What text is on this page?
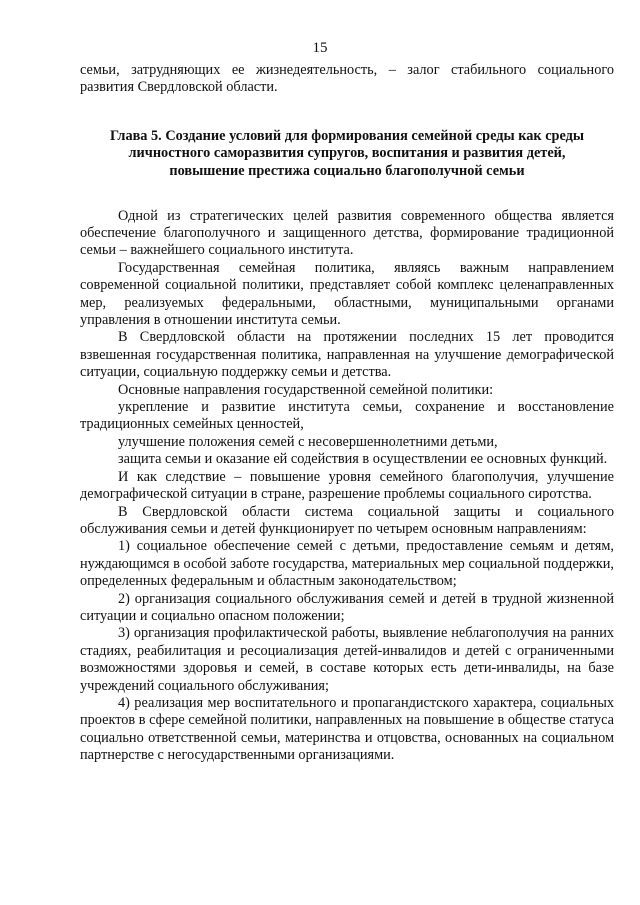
15

семьи, затрудняющих ее жизнедеятельность, – залог стабильного социального развития Свердловской области.

Глава 5. Создание условий для формирования семейной среды как среды
личностного саморазвития супругов, воспитания и развития детей,
повышение престижа социально благополучной семьи

Одной из стратегических целей развития современного общества является обеспечение благополучного и защищенного детства, формирование традиционной семьи – важнейшего социального института.

Государственная семейная политика, являясь важным направлением современной социальной политики, представляет собой комплекс целенаправленных мер, реализуемых федеральными, областными, муниципальными органами управления в отношении института семьи.

В Свердловской области на протяжении последних 15 лет проводится взвешенная государственная политика, направленная на улучшение демографической ситуации, социальную поддержку семьи и детства.

Основные направления государственной семейной политики:

укрепление и развитие института семьи, сохранение и восстановление традиционных семейных ценностей,

улучшение положения семей с несовершеннолетними детьми,

защита семьи и оказание ей содействия в осуществлении ее основных функций.

И как следствие – повышение уровня семейного благополучия, улучшение демографической ситуации в стране, разрешение проблемы социального сиротства.

В Свердловской области система социальной защиты и социального обслуживания семьи и детей функционирует по четырем основным направлениям:

1) социальное обеспечение семей с детьми, предоставление семьям и детям, нуждающимся в особой заботе государства, материальных мер социальной поддержки, определенных федеральным и областным законодательством;

2) организация социального обслуживания семей и детей в трудной жизненной ситуации и социально опасном положении;

3) организация профилактической работы, выявление неблагополучия на ранних стадиях, реабилитация и ресоциализация детей-инвалидов и детей с ограниченными возможностями здоровья и семей, в составе которых есть дети-инвалиды, на базе учреждений социального обслуживания;

4) реализация мер воспитательного и пропагандистского характера, социальных проектов в сфере семейной политики, направленных на повышение в обществе статуса социально ответственной семьи, материнства и отцовства, основанных на социальном партнерстве с негосударственными организациями.
